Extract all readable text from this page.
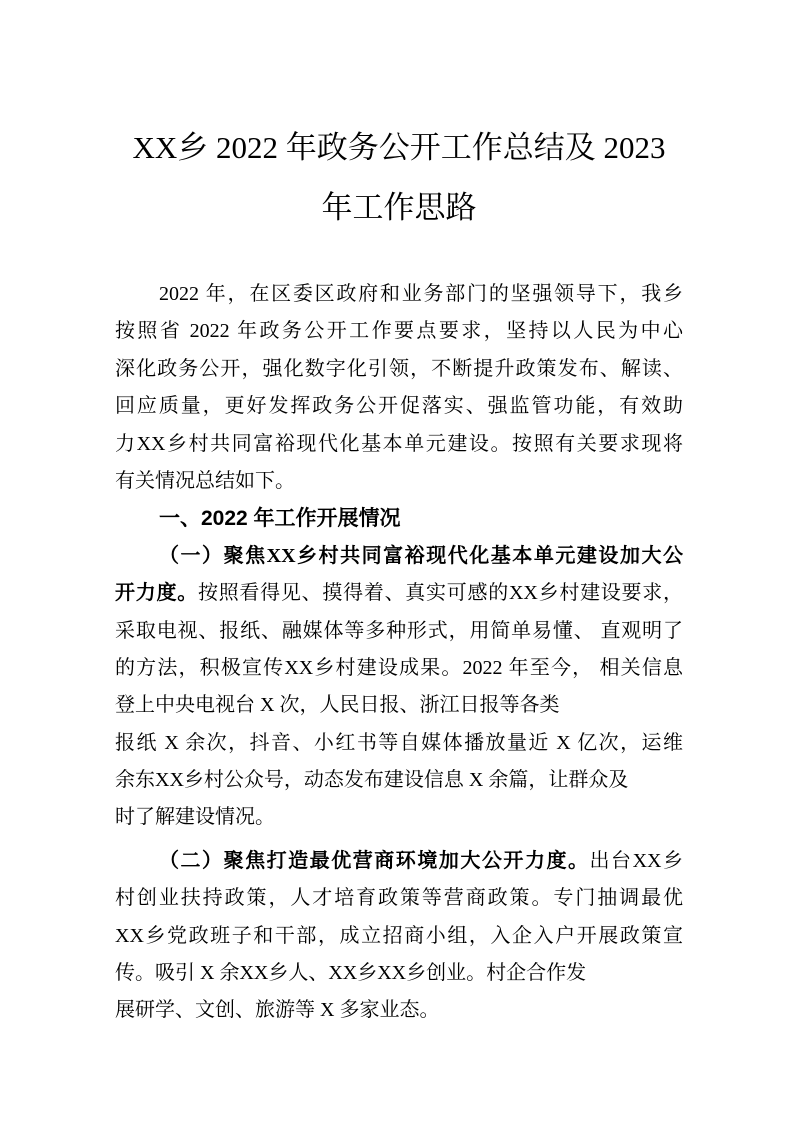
XX乡 2022 年政务公开工作总结及 2023
年工作思路
2022 年，在区委区政府和业务部门的坚强领导下，我乡
按照省 2022 年政务公开工作要点要求，坚持以人民为中心
深化政务公开，强化数字化引领，不断提升政策发布、解读、
回应质量，更好发挥政务公开促落实、强监管功能，有效助
力XX乡村共同富裕现代化基本单元建设。按照有关要求现将
有关情况总结如下。
一、2022 年工作开展情况
（一）聚焦XX乡村共同富裕现代化基本单元建设加大公
开力度。按照看得见、摸得着、真实可感的XX乡村建设要求，
采取电视、报纸、融媒体等多种形式，用简单易懂、 直观明了
的方法，积极宣传XX乡村建设成果。2022 年至今， 相关信息
登上中央电视台 X 次，人民日报、浙江日报等各类
报纸 X 余次，抖音、小红书等自媒体播放量近 X 亿次，运维
余东XX乡村公众号，动态发布建设信息 X 余篇，让群众及
时了解建设情况。
（二）聚焦打造最优营商环境加大公开力度。出台XX乡
村创业扶持政策，人才培育政策等营商政策。专门抽调最优
XX乡党政班子和干部，成立招商小组，入企入户开展政策宣
传。吸引 X 余XX乡人、XX乡XX乡创业。村企合作发
展研学、文创、旅游等 X 多家业态。
